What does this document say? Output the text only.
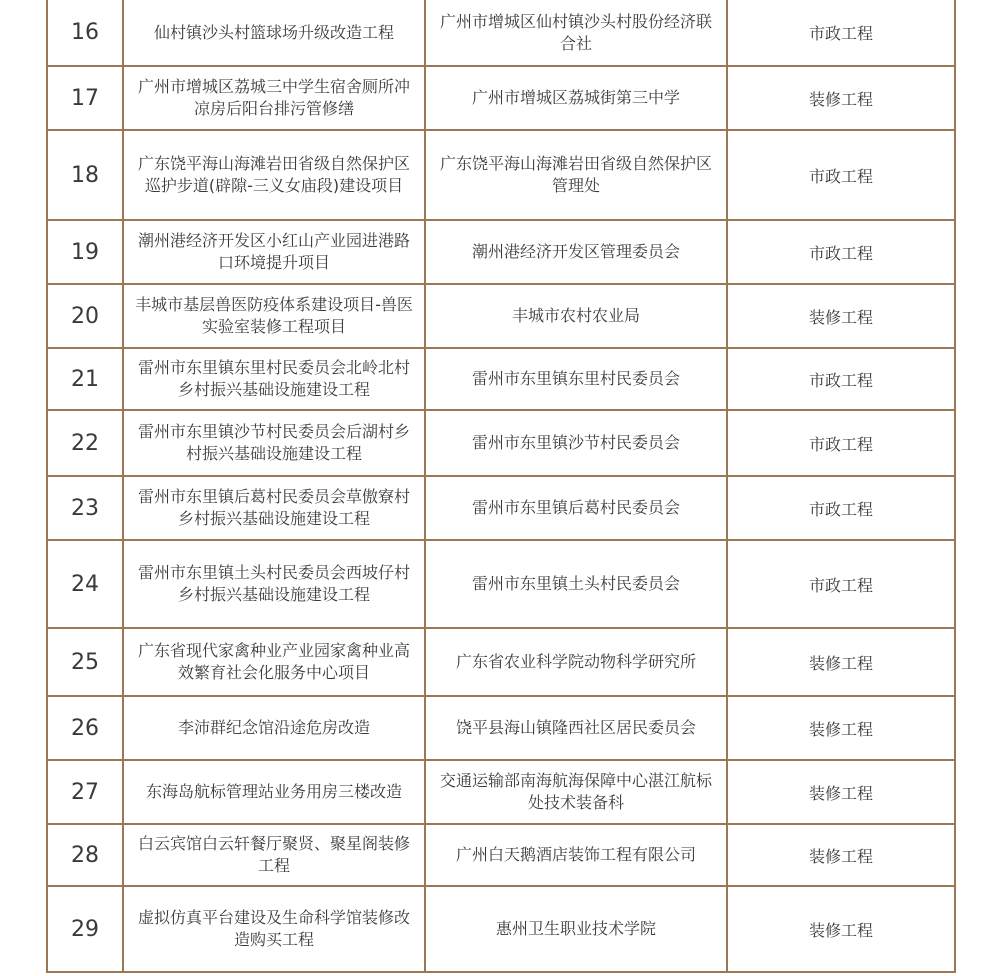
16	仙村镇沙头村篮球场升级改造工程	广州市增城区仙村镇沙头村股份经济联合社	市政工程
17	广州市增城区荔城三中学生宿舍厕所冲凉房后阳台排污管修缮	广州市增城区荔城街第三中学	装修工程
18	广东饶平海山海滩岩田省级自然保护区巡护步道(辟隙-三义女庙段)建设项目	广东饶平海山海滩岩田省级自然保护区管理处	市政工程
19	潮州港经济开发区小红山产业园进港路口环境提升项目	潮州港经济开发区管理委员会	市政工程
20	丰城市基层兽医防疫体系建设项目-兽医实验室装修工程项目	丰城市农村农业局	装修工程
21	雷州市东里镇东里村民委员会北岭北村乡村振兴基础设施建设工程	雷州市东里镇东里村民委员会	市政工程
22	雷州市东里镇沙节村民委员会后湖村乡村振兴基础设施建设工程	雷州市东里镇沙节村民委员会	市政工程
23	雷州市东里镇后葛村民委员会草傲寮村乡村振兴基础设施建设工程	雷州市东里镇后葛村民委员会	市政工程
24	雷州市东里镇土头村民委员会西坡仔村乡村振兴基础设施建设工程	雷州市东里镇土头村民委员会	市政工程
25	广东省现代家禽种业产业园家禽种业高效繁育社会化服务中心项目	广东省农业科学院动物科学研究所	装修工程
26	李沛群纪念馆沿途危房改造	饶平县海山镇隆西社区居民委员会	装修工程
27	东海岛航标管理站业务用房三楼改造	交通运输部南海航海保障中心湛江航标处技术装备科	装修工程
28	白云宾馆白云轩餐厅聚贤、聚星阁装修工程	广州白天鹅酒店装饰工程有限公司	装修工程
29	虚拟仿真平台建设及生命科学馆装修改造购买工程	惠州卫生职业技术学院	装修工程
